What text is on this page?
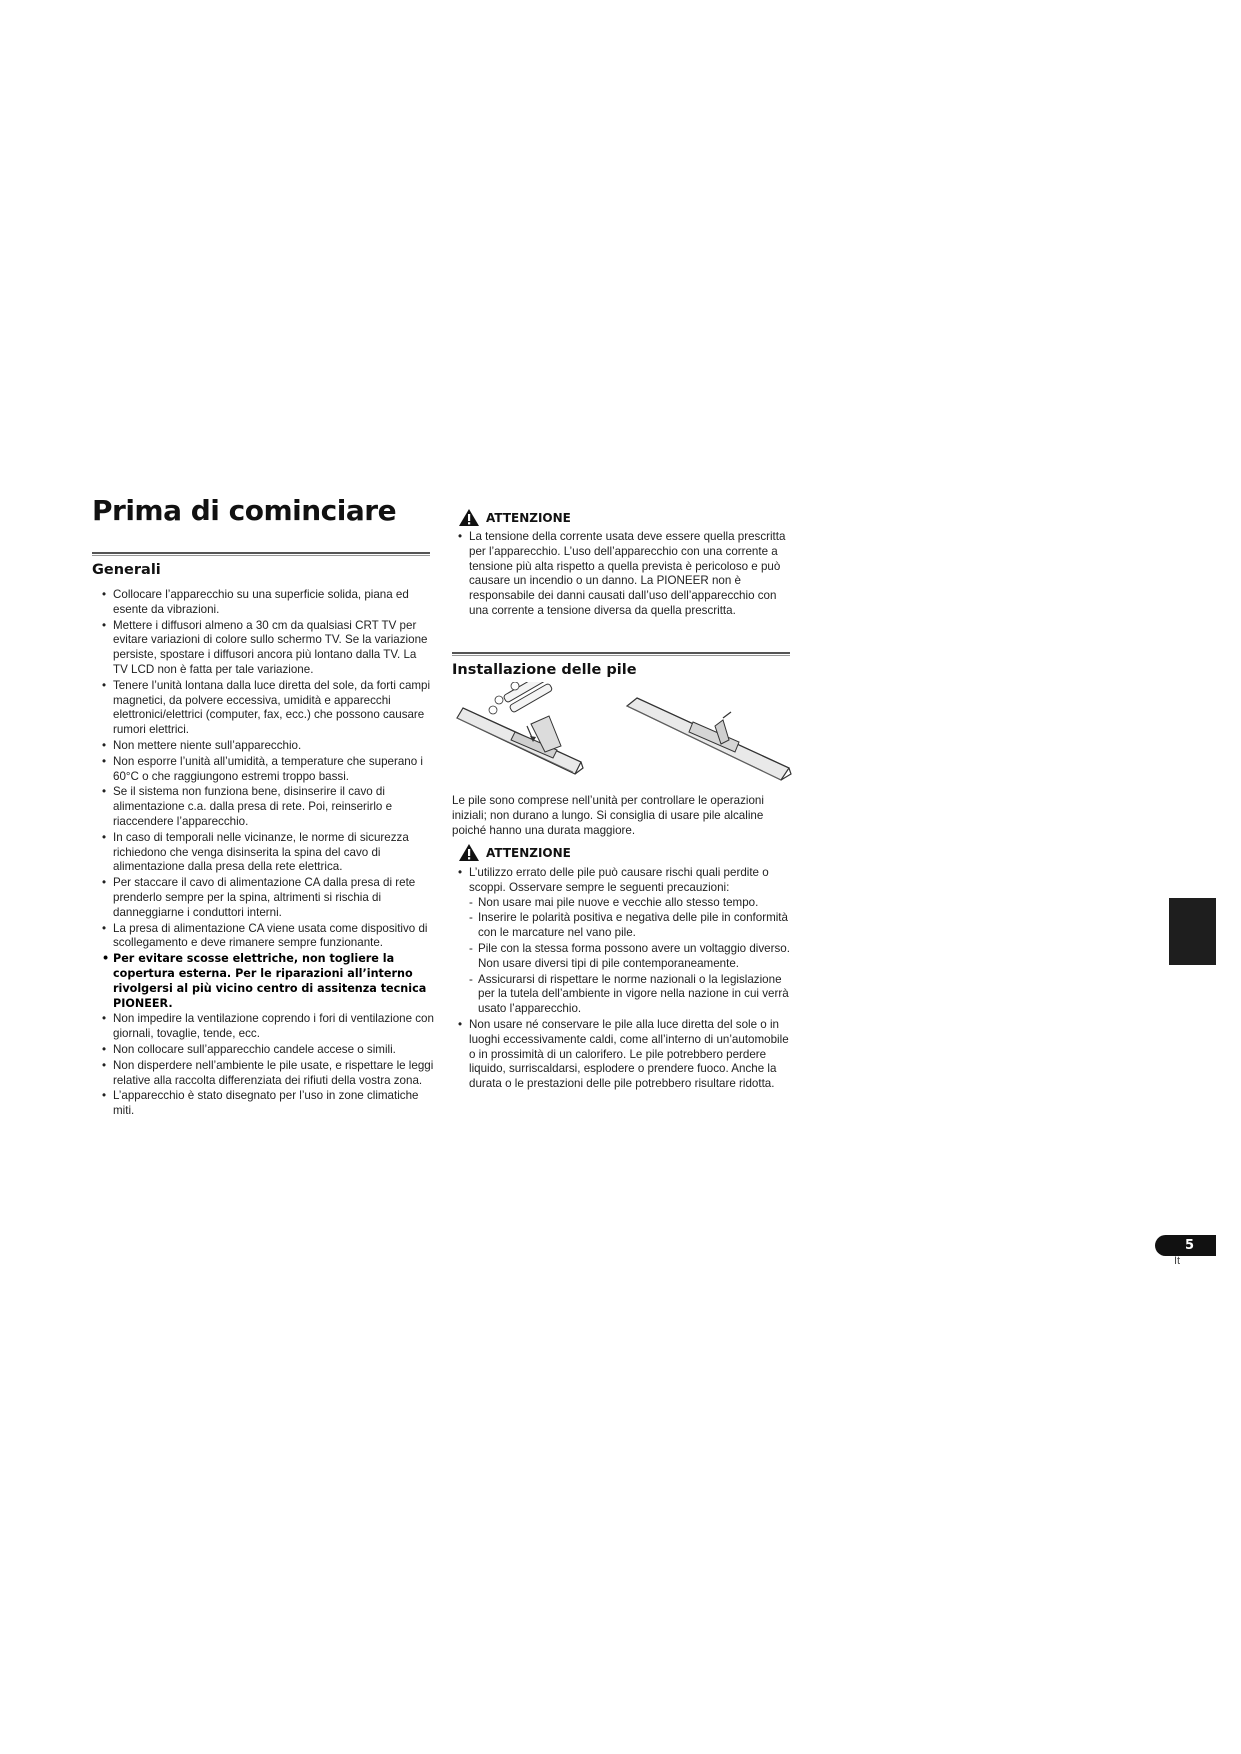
Prima di cominciare
Generali
• Collocare l’apparecchio su una superficie solida, piana ed esente da vibrazioni.
• Mettere i diffusori almeno a 30 cm da qualsiasi CRT TV per evitare variazioni di colore sullo schermo TV. Se la variazione persiste, spostare i diffusori ancora più lontano dalla TV. La TV LCD non è fatta per tale variazione.
• Tenere l’unità lontana dalla luce diretta del sole, da forti campi magnetici, da polvere eccessiva, umidità e apparecchi elettronici/elettrici (computer, fax, ecc.) che possono causare rumori elettrici.
• Non mettere niente sull’apparecchio.
• Non esporre l’unità all’umidità, a temperature che superano i 60°C o che raggiungono estremi troppo bassi.
• Se il sistema non funziona bene, disinserire il cavo di alimentazione c.a. dalla presa di rete. Poi, reinserirlo e riaccendere l’apparecchio.
• In caso di temporali nelle vicinanze, le norme di sicurezza richiedono che venga disinserita la spina del cavo di alimentazione dalla presa della rete elettrica.
• Per staccare il cavo di alimentazione CA dalla presa di rete prenderlo sempre per la spina, altrimenti si rischia di danneggiarne i conduttori interni.
• La presa di alimentazione CA viene usata come dispositivo di scollegamento e deve rimanere sempre funzionante.
• Per evitare scosse elettriche, non togliere la copertura esterna. Per le riparazioni all’interno rivolgersi al più vicino centro di assitenza tecnica PIONEER.
• Non impedire la ventilazione coprendo i fori di ventilazione con giornali, tovaglie, tende, ecc.
• Non collocare sull’apparecchio candele accese o simili.
• Non disperdere nell’ambiente le pile usate, e rispettare le leggi relative alla raccolta differenziata dei rifiuti della vostra zona.
• L’apparecchio è stato disegnato per l’uso in zone climatiche miti.
ATTENZIONE
• La tensione della corrente usata deve essere quella prescritta per l’apparecchio. L’uso dell’apparecchio con una corrente a tensione più alta rispetto a quella prevista è pericoloso e può causare un incendio o un danno. La PIONEER non è responsabile dei danni causati dall’uso dell’apparecchio con una corrente a tensione diversa da quella prescritta.
Installazione delle pile

Le pile sono comprese nell’unità per controllare le operazioni iniziali; non durano a lungo. Si consiglia di usare pile alcaline poiché hanno una durata maggiore.

ATTENZIONE
• L’utilizzo errato delle pile può causare rischi quali perdite o scoppi. Osservare sempre le seguenti precauzioni:
- Non usare mai pile nuove e vecchie allo stesso tempo.
- Inserire le polarità positiva e negativa delle pile in conformità con le marcature nel vano pile.
- Pile con la stessa forma possono avere un voltaggio diverso. Non usare diversi tipi di pile contemporaneamente.
- Assicurarsi di rispettare le norme nazionali o la legislazione per la tutela dell’ambiente in vigore nella nazione in cui verrà usato l’apparecchio.
• Non usare né conservare le pile alla luce diretta del sole o in luoghi eccessivamente caldi, come all’interno di un’automobile o in prossimità di un calorifero. Le pile potrebbero perdere liquido, surriscaldarsi, esplodere o prendere fuoco. Anche la durata o le prestazioni delle pile potrebbero risultare ridotta.
5
It
